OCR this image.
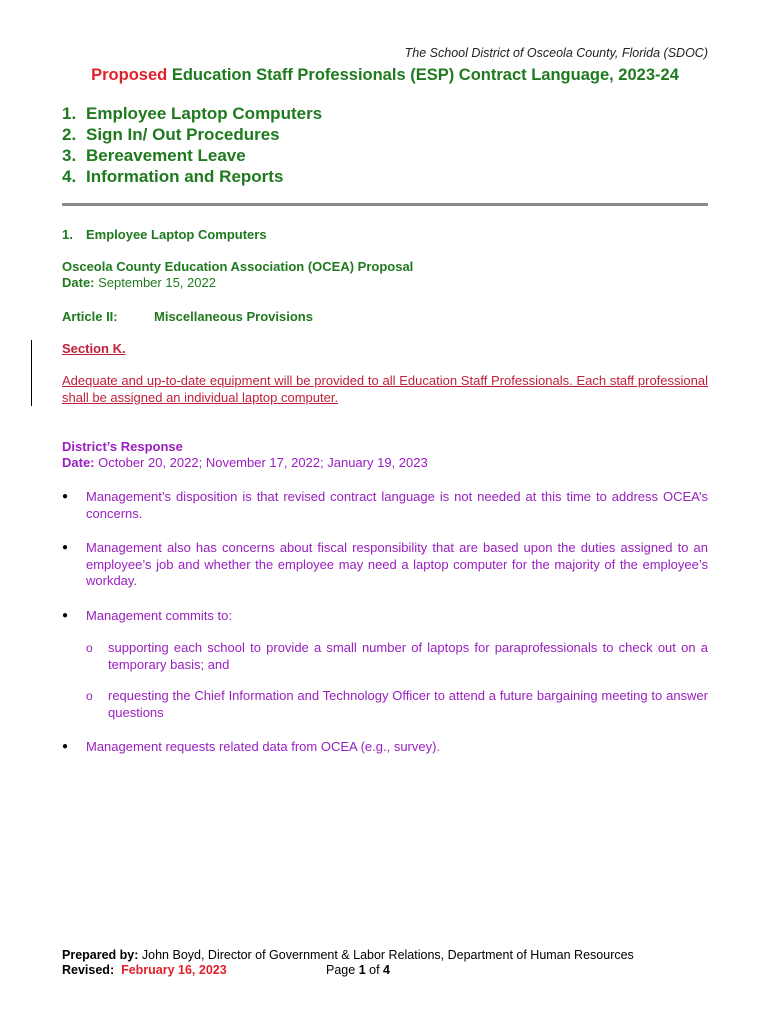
The School District of Osceola County, Florida (SDOC)
Proposed Education Staff Professionals (ESP) Contract Language, 2023-24
1. Employee Laptop Computers
2. Sign In/ Out Procedures
3. Bereavement Leave
4. Information and Reports
1. Employee Laptop Computers
Osceola County Education Association (OCEA) Proposal
Date: September 15, 2022
Article II:	Miscellaneous Provisions
Section K.
Adequate and up-to-date equipment will be provided to all Education Staff Professionals. Each staff professional shall be assigned an individual laptop computer.
District’s Response
Date: October 20, 2022; November 17, 2022; January 19, 2023
● Management’s disposition is that revised contract language is not needed at this time to address OCEA’s concerns.
● Management also has concerns about fiscal responsibility that are based upon the duties assigned to an employee’s job and whether the employee may need a laptop computer for the majority of the employee’s workday.
● Management commits to:
o supporting each school to provide a small number of laptops for paraprofessionals to check out on a temporary basis; and
o requesting the Chief Information and Technology Officer to attend a future bargaining meeting to answer questions
● Management requests related data from OCEA (e.g., survey).
Prepared by: John Boyd, Director of Government & Labor Relations, Department of Human Resources
Revised: February 16, 2023	Page 1 of 4
